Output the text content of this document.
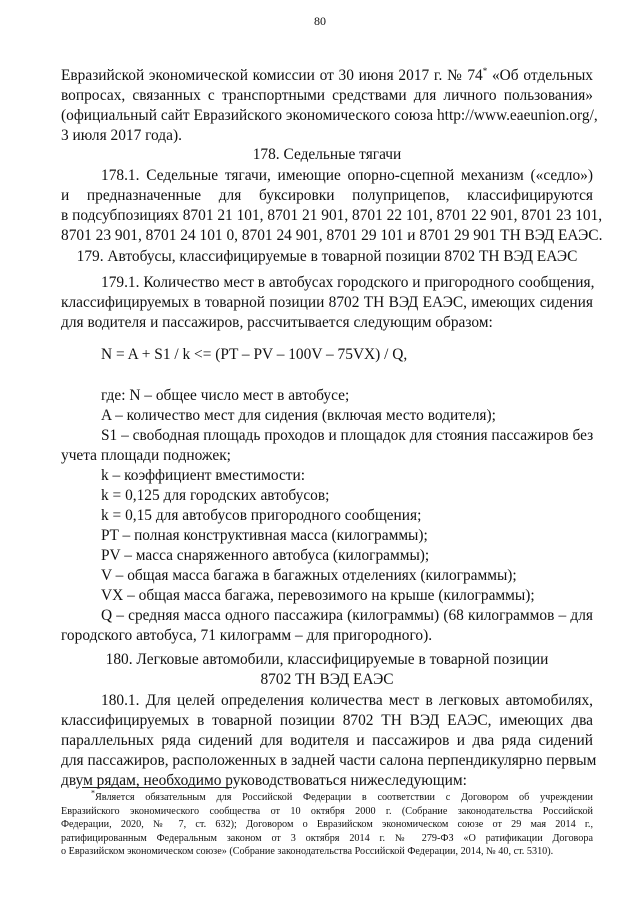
80
Евразийской экономической комиссии от 30 июня 2017 г. № 74* «Об отдельных
вопросах, связанных с транспортными средствами для личного пользования»
(официальный сайт Евразийского экономического союза http://www.eaeunion.org/,
3 июля 2017 года).
178. Седельные тягачи
178.1. Седельные тягачи, имеющие опорно-сцепной механизм («седло»)
и предназначенные для буксировки полуприцепов, классифицируются
в подсубпозициях 8701 21 101, 8701 21 901, 8701 22 101, 8701 22 901, 8701 23 101,
8701 23 901, 8701 24 101 0, 8701 24 901, 8701 29 101 и 8701 29 901 ТН ВЭД ЕАЭС.
179. Автобусы, классифицируемые в товарной позиции 8702 ТН ВЭД ЕАЭС
179.1. Количество мест в автобусах городского и пригородного сообщения,
классифицируемых в товарной позиции 8702 ТН ВЭД ЕАЭС, имеющих сидения
для водителя и пассажиров, рассчитывается следующим образом:
N = A + S1 / k <= (PT – PV – 100V – 75VX) / Q,
где: N – общее число мест в автобусе;
A – количество мест для сидения (включая место водителя);
S1 – свободная площадь проходов и площадок для стояния пассажиров без
учета площади подножек;
k – коэффициент вместимости:
k = 0,125 для городских автобусов;
k = 0,15 для автобусов пригородного сообщения;
PT – полная конструктивная масса (килограммы);
PV – масса снаряженного автобуса (килограммы);
V – общая масса багажа в багажных отделениях (килограммы);
VX – общая масса багажа, перевозимого на крыше (килограммы);
Q – средняя масса одного пассажира (килограммы) (68 килограммов – для
городского автобуса, 71 килограмм – для пригородного).
180. Легковые автомобили, классифицируемые в товарной позиции
8702 ТН ВЭД ЕАЭС
180.1. Для целей определения количества мест в легковых автомобилях,
классифицируемых в товарной позиции 8702 ТН ВЭД ЕАЭС, имеющих два
параллельных ряда сидений для водителя и пассажиров и два ряда сидений
для пассажиров, расположенных в задней части салона перпендикулярно первым
двум рядам, необходимо руководствоваться нижеследующим:
*Является обязательным для Российской Федерации в соответствии с Договором об учреждении
Евразийского экономического сообщества от 10 октября 2000 г. (Собрание законодательства Российской
Федерации, 2020, № 7, ст. 632); Договором о Евразийском экономическом союзе от 29 мая 2014 г.,
ратифицированным Федеральным законом от 3 октября 2014 г. № 279-ФЗ «О ратификации Договора
о Евразийском экономическом союзе» (Собрание законодательства Российской Федерации, 2014, № 40, ст. 5310).
